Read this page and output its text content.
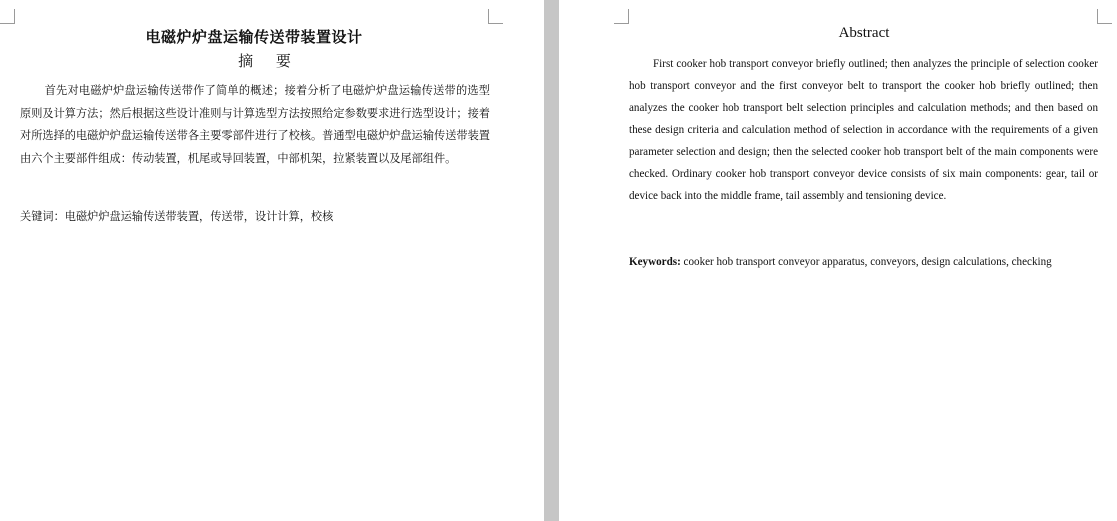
电磁炉炉盘运输传送带装置设计
摘 要
首先对电磁炉炉盘运输传送带作了简单的概述；接着分析了电磁炉炉盘运输传送带的选型原则及计算方法；然后根据这些设计准则与计算选型方法按照给定参数要求进行选型设计；接着对所选择的电磁炉炉盘运输传送带各主要零部件进行了校核。普通型电磁炉炉盘运输传送带装置由六个主要部件组成：传动装置，机尾或导回装置，中部机架，拉紧装置以及尾部组件。
关键词：电磁炉炉盘运输传送带装置，传送带，设计计算，校核
Abstract
First cooker hob transport conveyor briefly outlined; then analyzes the principle of selection cooker hob transport conveyor and the first conveyor belt to transport the cooker hob briefly outlined; then analyzes the cooker hob transport belt selection principles and calculation methods; and then based on these design criteria and calculation method of selection in accordance with the requirements of a given parameter selection and design; then the selected cooker hob transport belt of the main components were checked. Ordinary cooker hob transport conveyor device consists of six main components: gear, tail or device back into the middle frame, tail assembly and tensioning device.
Keywords: cooker hob transport conveyor apparatus, conveyors, design calculations, checking
